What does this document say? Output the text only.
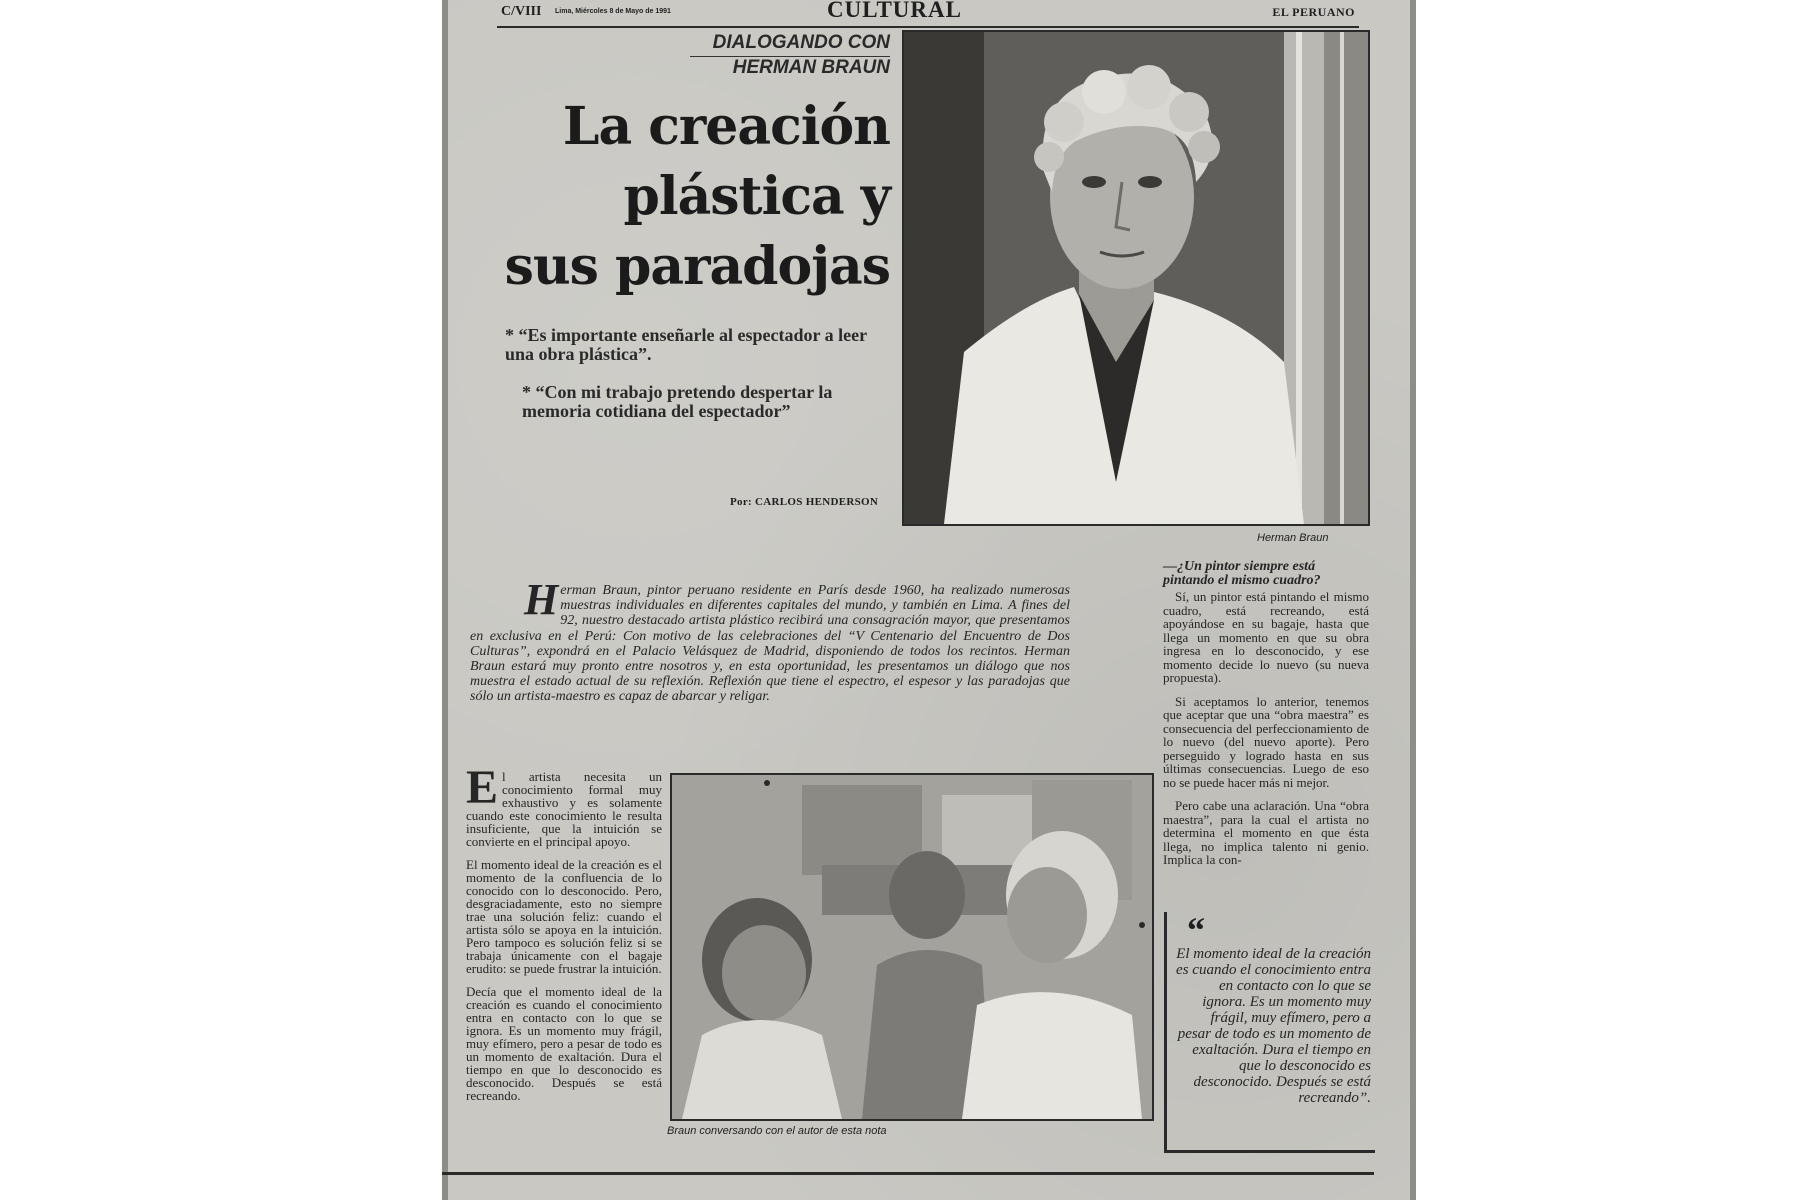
C/VIII Lima, Miércoles 8 de Mayo de 1991	CULTURAL	EL PERUANO
DIALOGANDO CON
HERMAN BRAUN
La creación
plástica y
sus paradojas
* “Es importante enseñarle al espectador a leer una obra plástica”.
* “Con mi trabajo pretendo despertar la memoria cotidiana del espectador”
Por: CARLOS HENDERSON
Herman Braun
Herman Braun, pintor peruano residente en París desde 1960, ha realizado numerosas muestras individuales en diferentes capitales del mundo, y también en Lima. A fines del 92, nuestro destacado artista plástico recibirá una consagración mayor, que presentamos en exclusiva en el Perú: Con motivo de las celebraciones del “V Centenario del Encuentro de Dos Culturas”, expondrá en el Palacio Velásquez de Madrid, disponiendo de todos los recintos. Herman Braun estará muy pronto entre nosotros y, en esta oportunidad, les presentamos un diálogo que nos muestra el estado actual de su reflexión. Reflexión que tiene el espectro, el espesor y las paradojas que sólo un artista-maestro es capaz de abarcar y religar.

El artista necesita un conocimiento formal muy exhaustivo y es solamente cuando este conocimiento le resulta insuficiente, que la intuición se convierte en el principal apoyo.

El momento ideal de la creación es el momento de la confluencia de lo conocido con lo desconocido. Pero, desgraciadamente, esto no siempre trae una solución feliz: cuando el artista sólo se apoya en la intuición. Pero tampoco es solución feliz si se trabaja únicamente con el bagaje erudito: se puede frustrar la intuición.

Decía que el momento ideal de la creación es cuando el conocimiento entra en contacto con lo que se ignora. Es un momento muy frágil, muy efímero, pero a pesar de todo es un momento de exaltación. Dura el tiempo en que lo desconocido es desconocido. Después se está recreando.

Braun conversando con el autor de esta nota
—¿Un pintor siempre está pintando el mismo cuadro?

Sí, un pintor está pintando el mismo cuadro, está recreando, está apoyándose en su bagaje, hasta que llega un momento en que su obra ingresa en lo desconocido, y ese momento decide lo nuevo (su nueva propuesta).

Si aceptamos lo anterior, tenemos que aceptar que una “obra maestra” es consecuencia del perfeccionamiento de lo nuevo (del nuevo aporte). Pero perseguido y logrado hasta en sus últimas consecuencias. Luego de eso no se puede hacer más ni mejor.

Pero cabe una aclaración. Una “obra maestra”, para la cual el artista no determina el momento en que ésta llega, no implica talento ni genio. Implica la con-

“
El momento ideal de la creación es cuando el conocimiento entra en contacto con lo que se ignora. Es un momento muy frágil, muy efímero, pero a pesar de todo es un momento de exaltación. Dura el tiempo en que lo desconocido es desconocido. Después se está recreando”.
